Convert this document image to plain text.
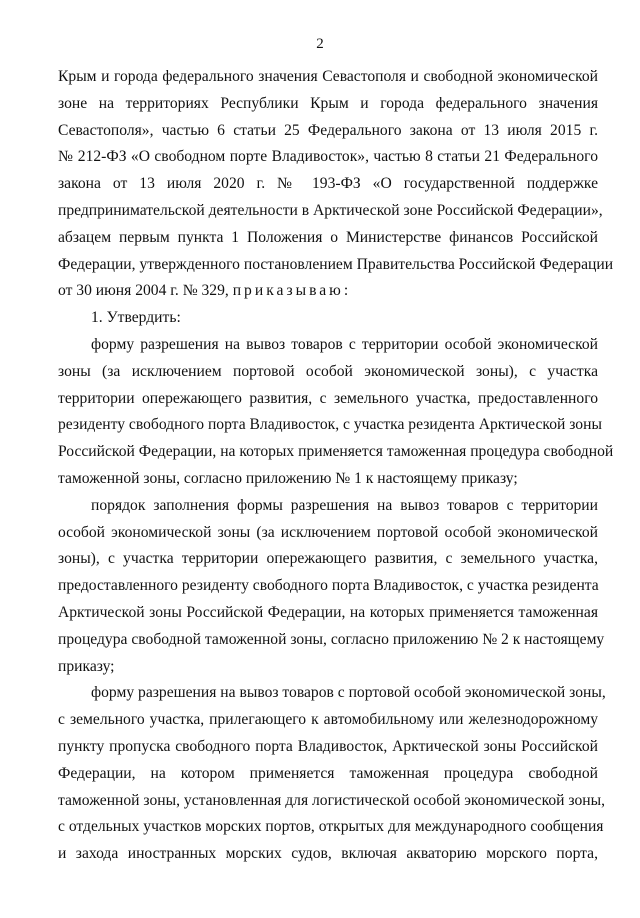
2
Крым и города федерального значения Севастополя и свободной экономической
зоне на территориях Республики Крым и города федерального значения
Севастополя», частью 6 статьи 25 Федерального закона от 13 июля 2015 г.
№ 212-ФЗ «О свободном порте Владивосток», частью 8 статьи 21 Федерального
закона от 13 июля 2020 г. № 193-ФЗ «О государственной поддержке
предпринимательской деятельности в Арктической зоне Российской Федерации»,
абзацем первым пункта 1 Положения о Министерстве финансов Российской
Федерации, утвержденного постановлением Правительства Российской Федерации
от 30 июня 2004 г. № 329, приказываю:
1. Утвердить:
форму разрешения на вывоз товаров с территории особой экономической
зоны (за исключением портовой особой экономической зоны), с участка
территории опережающего развития, с земельного участка, предоставленного
резиденту свободного порта Владивосток, с участка резидента Арктической зоны
Российской Федерации, на которых применяется таможенная процедура свободной
таможенной зоны, согласно приложению № 1 к настоящему приказу;
порядок заполнения формы разрешения на вывоз товаров с территории
особой экономической зоны (за исключением портовой особой экономической
зоны), с участка территории опережающего развития, с земельного участка,
предоставленного резиденту свободного порта Владивосток, с участка резидента
Арктической зоны Российской Федерации, на которых применяется таможенная
процедура свободной таможенной зоны, согласно приложению № 2 к настоящему
приказу;
форму разрешения на вывоз товаров с портовой особой экономической зоны,
с земельного участка, прилегающего к автомобильному или железнодорожному
пункту пропуска свободного порта Владивосток, Арктической зоны Российской
Федерации, на котором применяется таможенная процедура свободной
таможенной зоны, установленная для логистической особой экономической зоны,
с отдельных участков морских портов, открытых для международного сообщения
и захода иностранных морских судов, включая акваторию морского порта,
